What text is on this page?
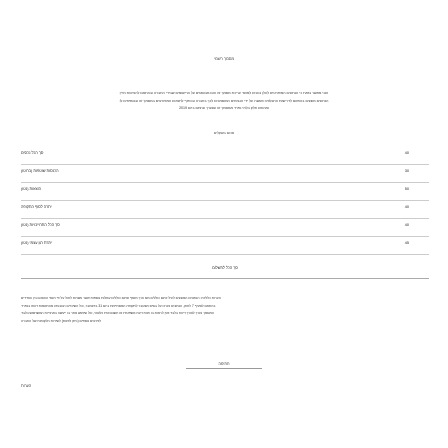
מסמך רשמי
הנני מאשר בזאת כי הנתונים המפורטים להלן נכונים למועד עריכת מסמך זה והם מבוססים על הרישומים שבידי החברה ובהתאם להוראות הדין
הנתונים מוצגים בהתאם לדרישות הרגולציה ואושרו על ידי הגורמים המוסמכים לכך בחברה ובכפוף לתנאים המפורטים במסמך זה ובנספחים לו
ומהווים חלק בלתי נפרד ממסמך זה שנערך ונחתם ביום 2019
סכום בשקלים
סך הכל נכסים	40
הכנסות שוטפות (ברוטו)	30
הוצאות (נטו)	50
יתרה לסוף התקופה	40
סך הכל התחייבויות (נטו)	40
יתרת הון עצמי (נטו)	45
סך הכל לתשלום
הערות כלליות: הנתונים המוצגים לעיל אינם כוללים מס ערך מוסף ואינם כוללים עמלות נוספות אשר עשויות לחול על פי תנאי ההסכם בין הצדדים
בהתאם לסעיף 7 לחוק, הנתונים נערכו על בסיס מצטבר לתקופה המסתיימת ביום 31 בדצמבר, וכל השינויים הנובעים מהתאמות דווחו בנפרד
המסמך נערך לצורך דיווח בלבד ואין לראות בו חוות דעת משפטית או חשבונאית כלשהי, וכל שימוש אחר בו ייעשה באחריות המשתמש בלבד
לפרטים נוספים (ניתן לפנות) לשירות הלקוחות של החברה
חתימה
הערות
